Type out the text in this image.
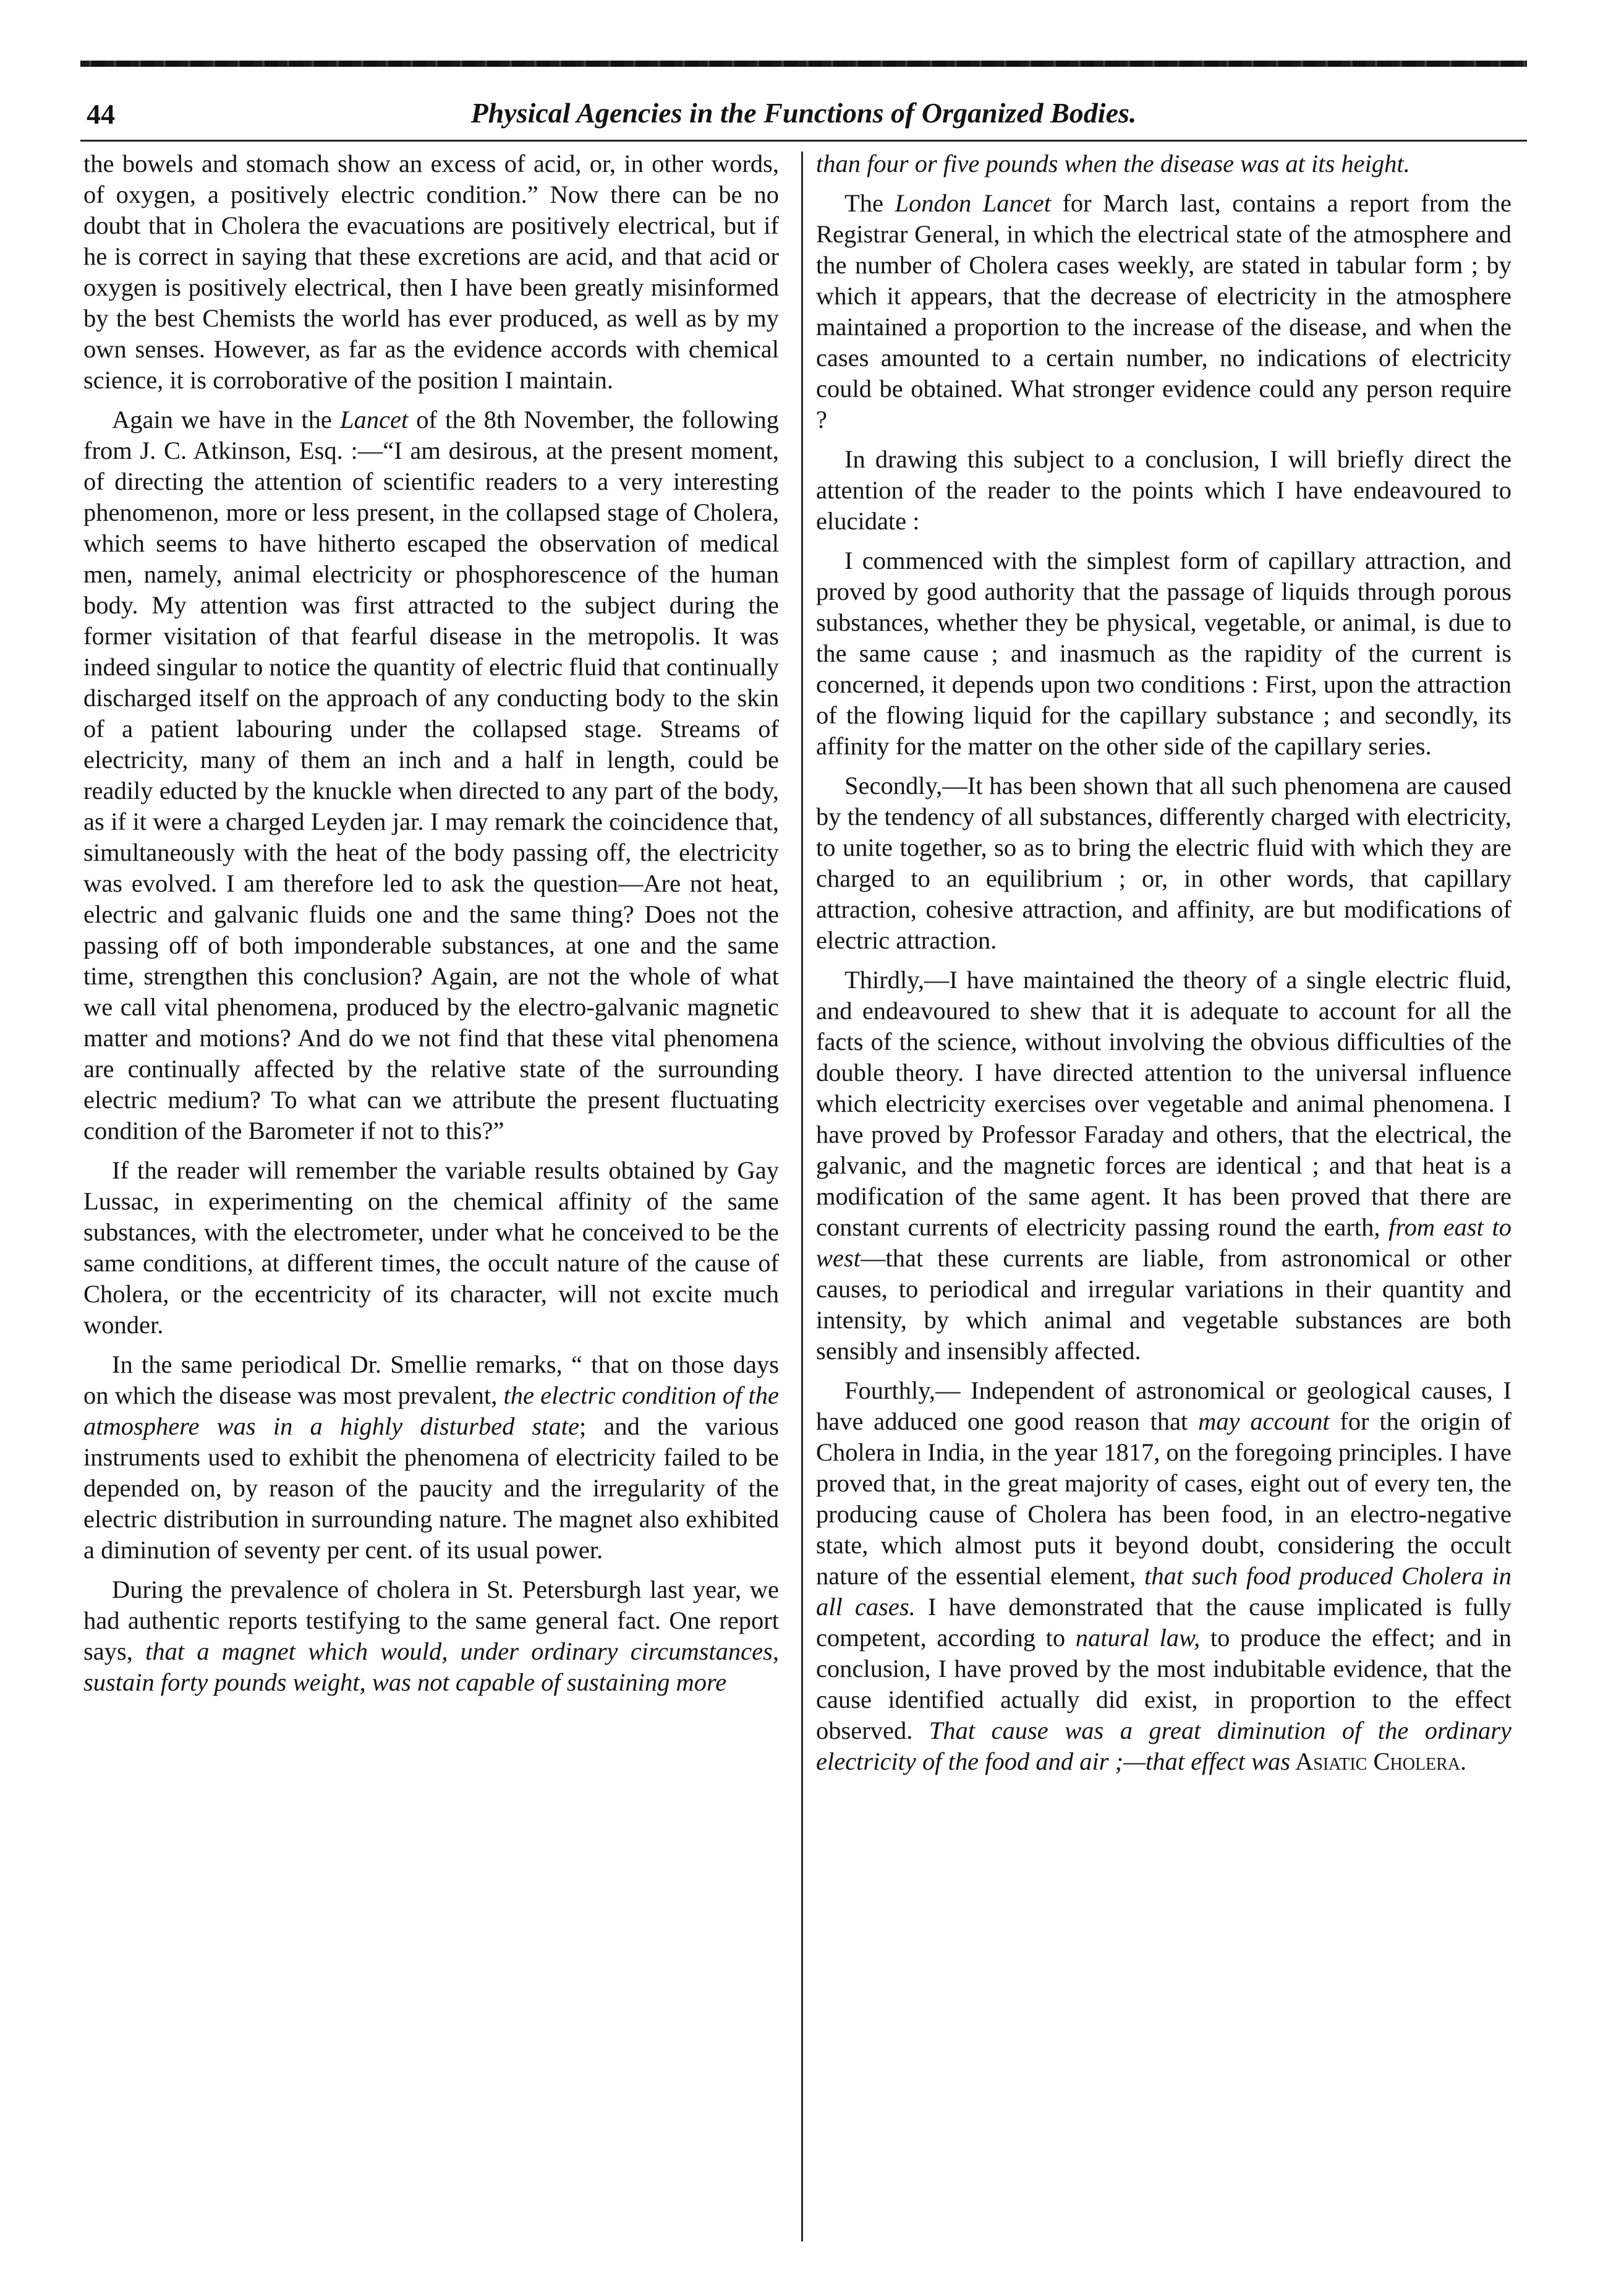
44	Physical Agencies in the Functions of Organized Bodies.

the bowels and stomach show an excess of acid, or, in other words, of oxygen, a positively electric condition.” Now there can be no doubt that in Cholera the evacuations are positively electrical, but if he is correct in saying that these excretions are acid, and that acid or oxygen is positively electrical, then I have been greatly misinformed by the best Chemists the world has ever produced, as well as by my own senses. However, as far as the evidence accords with chemical science, it is corroborative of the position I maintain.

Again we have in the Lancet of the 8th November, the following from J. C. Atkinson, Esq. :—“I am desirous, at the present moment, of directing the attention of scientific readers to a very interesting phenomenon, more or less present, in the collapsed stage of Cholera, which seems to have hitherto escaped the observation of medical men, namely, animal electricity or phosphorescence of the human body. My attention was first attracted to the subject during the former visitation of that fearful disease in the metropolis. It was indeed singular to notice the quantity of electric fluid that continually discharged itself on the approach of any conducting body to the skin of a patient labouring under the collapsed stage. Streams of electricity, many of them an inch and a half in length, could be readily educted by the knuckle when directed to any part of the body, as if it were a charged Leyden jar. I may remark the coincidence that, simultaneously with the heat of the body passing off, the electricity was evolved. I am therefore led to ask the question—Are not heat, electric and galvanic fluids one and the same thing? Does not the passing off of both imponderable substances, at one and the same time, strengthen this conclusion? Again, are not the whole of what we call vital phenomena, produced by the electro-galvanic magnetic matter and motions? And do we not find that these vital phenomena are continually affected by the relative state of the surrounding electric medium? To what can we attribute the present fluctuating condition of the Barometer if not to this?”

If the reader will remember the variable results obtained by Gay Lussac, in experimenting on the chemical affinity of the same substances, with the electrometer, under what he conceived to be the same conditions, at different times, the occult nature of the cause of Cholera, or the eccentricity of its character, will not excite much wonder.

In the same periodical Dr. Smellie remarks, “ that on those days on which the disease was most prevalent, the electric condition of the atmosphere was in a highly disturbed state; and the various instruments used to exhibit the phenomena of electricity failed to be depended on, by reason of the paucity and the irregularity of the electric distribution in surrounding nature. The magnet also exhibited a diminution of seventy per cent. of its usual power.

During the prevalence of cholera in St. Petersburgh last year, we had authentic reports testifying to the same general fact. One report says, that a magnet which would, under ordinary circumstances, sustain forty pounds weight, was not capable of sustaining more

than four or five pounds when the disease was at its height.

The London Lancet for March last, contains a report from the Registrar General, in which the electrical state of the atmosphere and the number of Cholera cases weekly, are stated in tabular form ; by which it appears, that the decrease of electricity in the atmosphere maintained a proportion to the increase of the disease, and when the cases amounted to a certain number, no indications of electricity could be obtained. What stronger evidence could any person require ?

In drawing this subject to a conclusion, I will briefly direct the attention of the reader to the points which I have endeavoured to elucidate :

I commenced with the simplest form of capillary attraction, and proved by good authority that the passage of liquids through porous substances, whether they be physical, vegetable, or animal, is due to the same cause ; and inasmuch as the rapidity of the current is concerned, it depends upon two conditions : First, upon the attraction of the flowing liquid for the capillary substance ; and secondly, its affinity for the matter on the other side of the capillary series.

Secondly,—It has been shown that all such phenomena are caused by the tendency of all substances, differently charged with electricity, to unite together, so as to bring the electric fluid with which they are charged to an equilibrium ; or, in other words, that capillary attraction, cohesive attraction, and affinity, are but modifications of electric attraction.

Thirdly,—I have maintained the theory of a single electric fluid, and endeavoured to shew that it is adequate to account for all the facts of the science, without involving the obvious difficulties of the double theory. I have directed attention to the universal influence which electricity exercises over vegetable and animal phenomena. I have proved by Professor Faraday and others, that the electrical, the galvanic, and the magnetic forces are identical ; and that heat is a modification of the same agent. It has been proved that there are constant currents of electricity passing round the earth, from east to west—that these currents are liable, from astronomical or other causes, to periodical and irregular variations in their quantity and intensity, by which animal and vegetable substances are both sensibly and insensibly affected.

Fourthly,— Independent of astronomical or geological causes, I have adduced one good reason that may account for the origin of Cholera in India, in the year 1817, on the foregoing principles. I have proved that, in the great majority of cases, eight out of every ten, the producing cause of Cholera has been food, in an electro-negative state, which almost puts it beyond doubt, considering the occult nature of the essential element, that such food produced Cholera in all cases. I have demonstrated that the cause implicated is fully competent, according to natural law, to produce the effect; and in conclusion, I have proved by the most indubitable evidence, that the cause identified actually did exist, in proportion to the effect observed. That cause was a great diminution of the ordinary electricity of the food and air ;—that effect was Asiatic Cholera.
